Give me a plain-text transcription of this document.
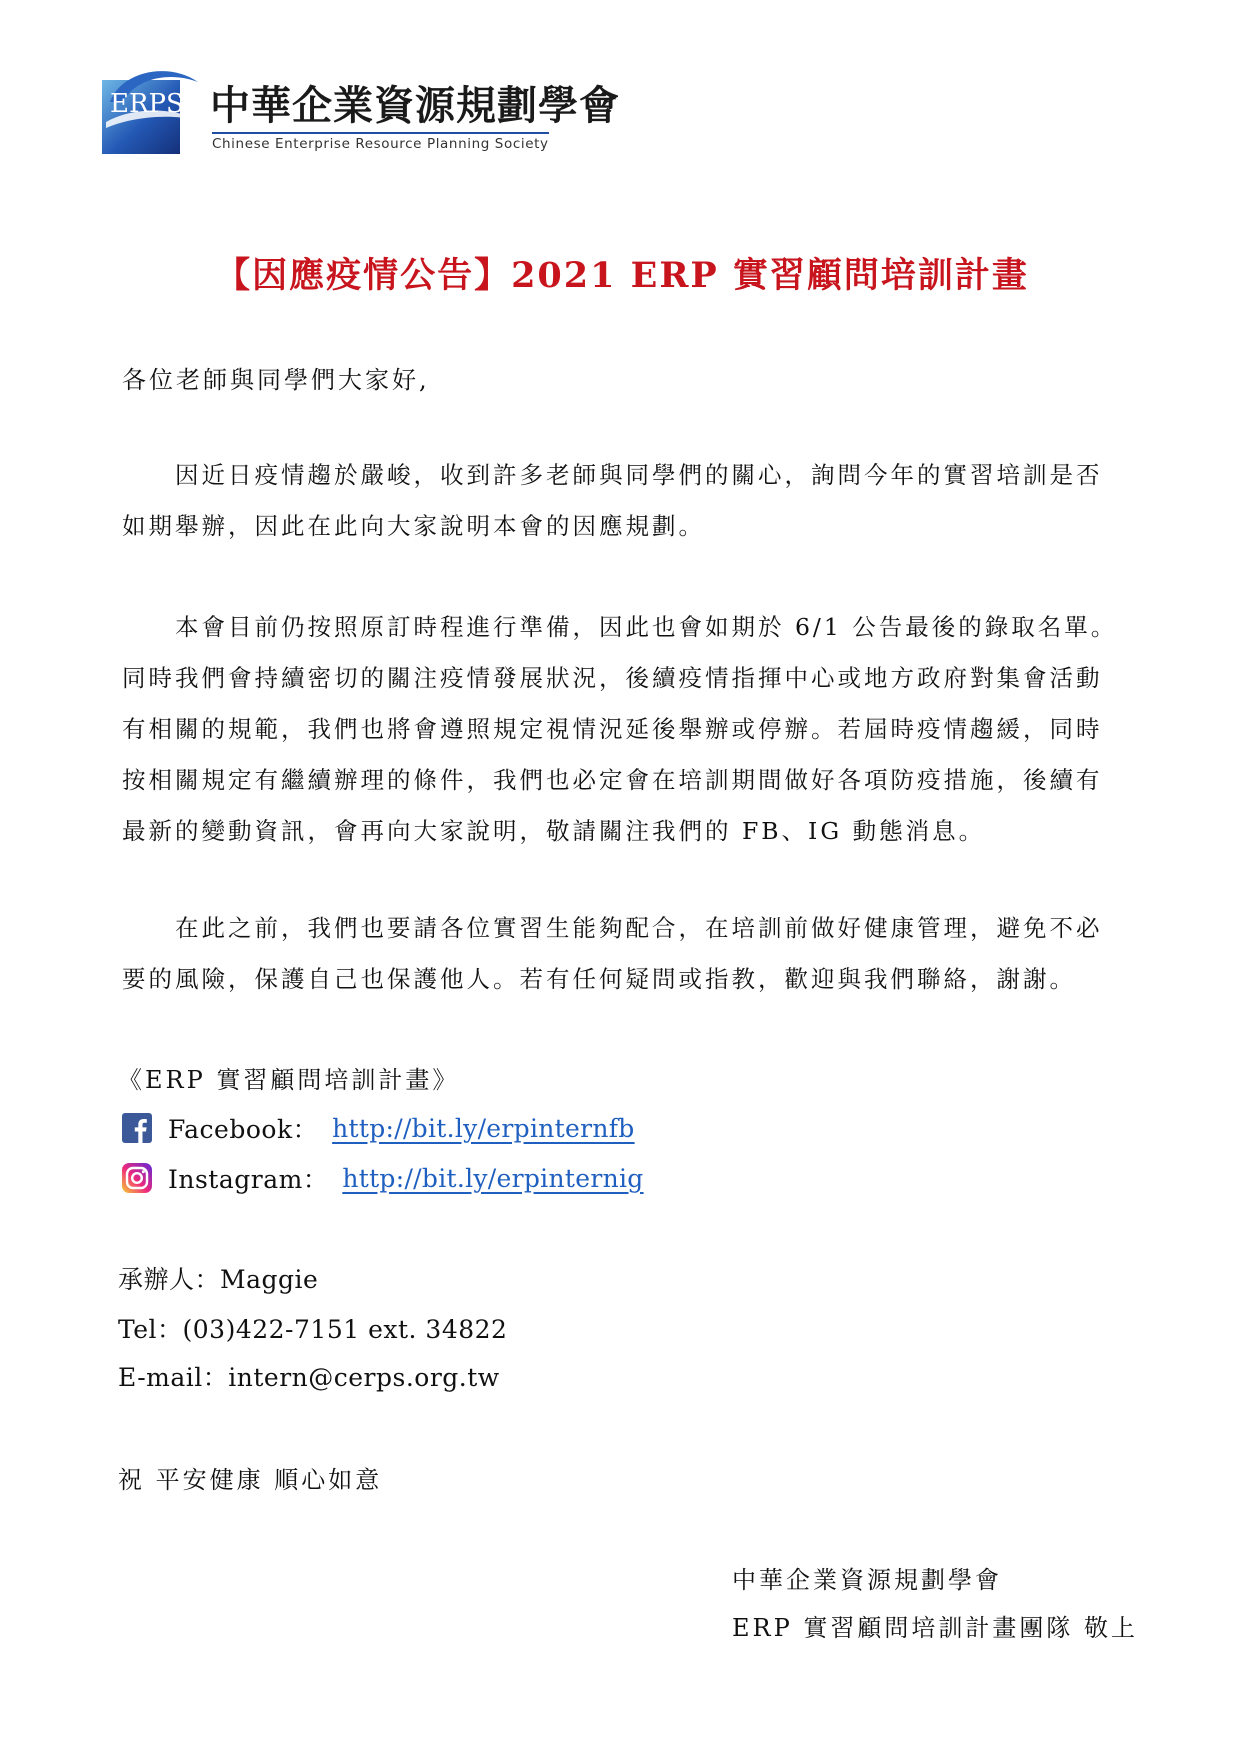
ERPS 中華企業資源規劃學會
Chinese Enterprise Resource Planning Society
【因應疫情公告】2021 ERP 實習顧問培訓計畫
各位老師與同學們大家好,

　　因近日疫情趨於嚴峻，收到許多老師與同學們的關心，詢問今年的實習培訓是否

如期舉辦，因此在此向大家說明本會的因應規劃。

　　本會目前仍按照原訂時程進行準備，因此也會如期於 6/1 公告最後的錄取名單。

同時我們會持續密切的關注疫情發展狀況，後續疫情指揮中心或地方政府對集會活動

有相關的規範，我們也將會遵照規定視情況延後舉辦或停辦。若屆時疫情趨緩，同時

按相關規定有繼續辦理的條件，我們也必定會在培訓期間做好各項防疫措施，後續有

最新的變動資訊，會再向大家說明，敬請關注我們的 FB、IG 動態消息。

　　在此之前，我們也要請各位實習生能夠配合，在培訓前做好健康管理，避免不必

要的風險，保護自己也保護他人。若有任何疑問或指教，歡迎與我們聯絡，謝謝。

《ERP 實習顧問培訓計畫》
Facebook： http://bit.ly/erpinternfb
Instagram： http://bit.ly/erpinternig
承辦人：Maggie
Tel：(03)422-7151 ext. 34822
E-mail：intern@cerps.org.tw
祝 平安健康 順心如意
中華企業資源規劃學會
ERP 實習顧問培訓計畫團隊 敬上
